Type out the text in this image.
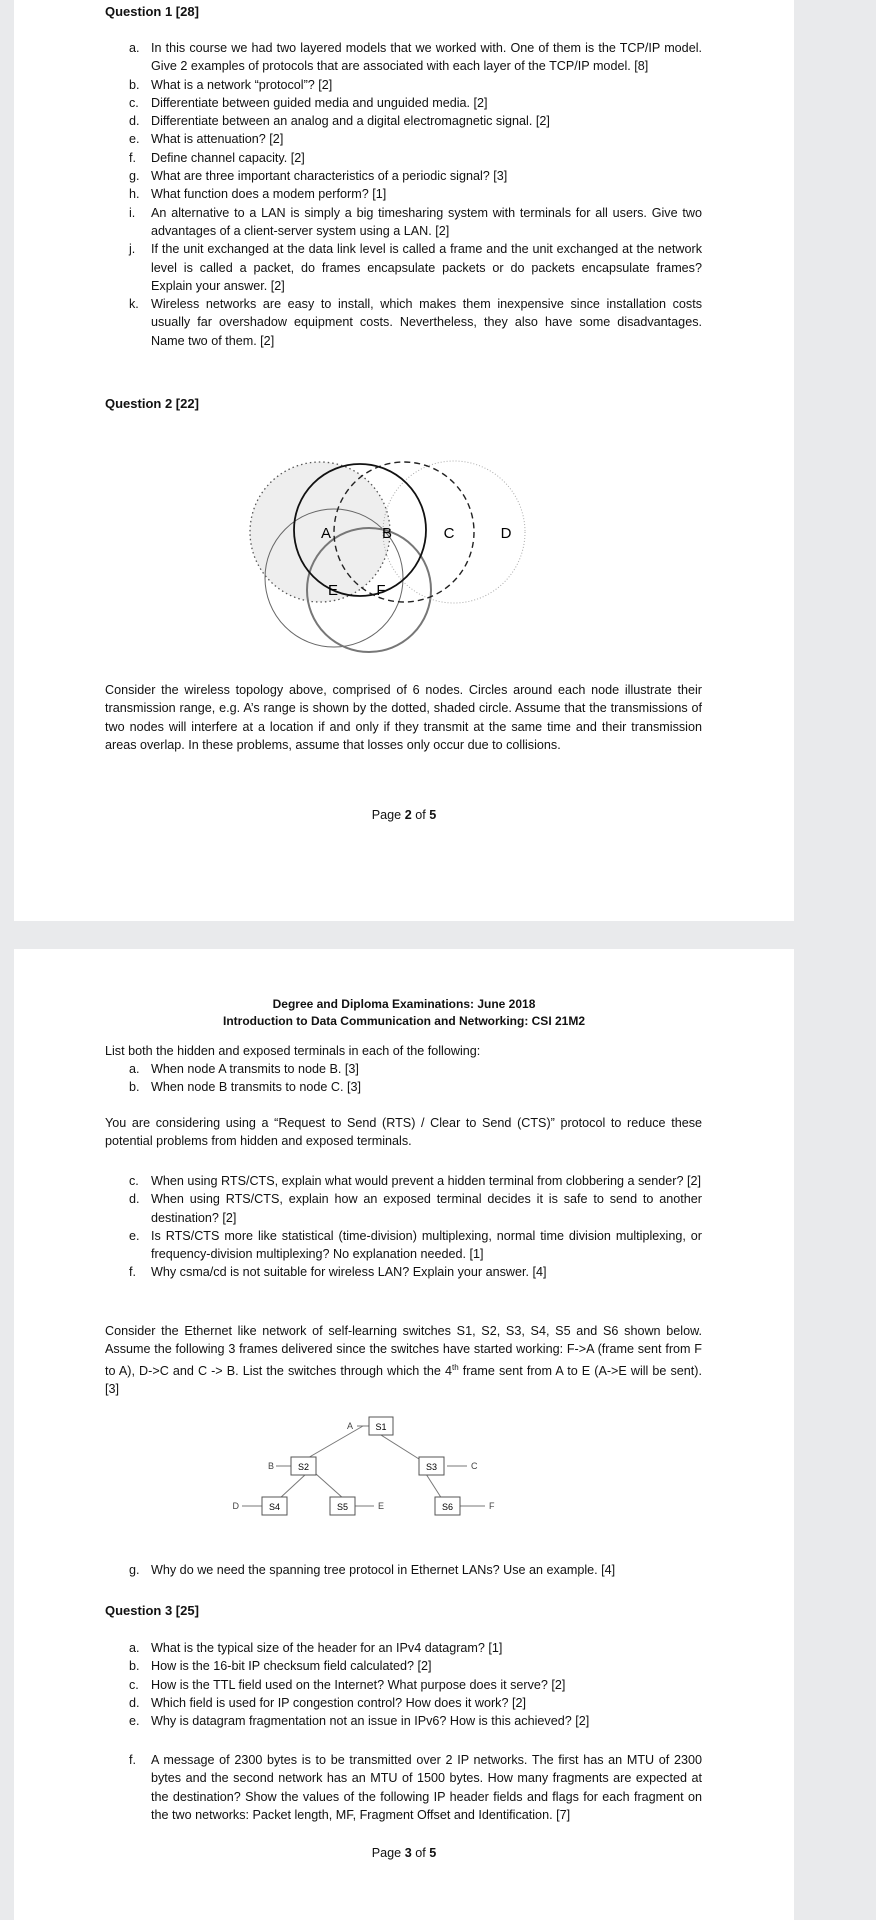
Question 1 [28]
a. In this course we had two layered models that we worked with. One of them is the TCP/IP model. Give 2 examples of protocols that are associated with each layer of the TCP/IP model. [8]
b. What is a network “protocol”? [2]
c. Differentiate between guided media and unguided media. [2]
d. Differentiate between an analog and a digital electromagnetic signal. [2]
e. What is attenuation? [2]
f. Define channel capacity. [2]
g. What are three important characteristics of a periodic signal? [3]
h. What function does a modem perform? [1]
i. An alternative to a LAN is simply a big timesharing system with terminals for all users. Give two advantages of a client-server system using a LAN. [2]
j. If the unit exchanged at the data link level is called a frame and the unit exchanged at the network level is called a packet, do frames encapsulate packets or do packets encapsulate frames? Explain your answer. [2]
k. Wireless networks are easy to install, which makes them inexpensive since installation costs usually far overshadow equipment costs. Nevertheless, they also have some disadvantages. Name two of them. [2]
Question 2 [22]
A	B	C	D
E	F
Consider the wireless topology above, comprised of 6 nodes. Circles around each node illustrate their transmission range, e.g. A’s range is shown by the dotted, shaded circle. Assume that the transmissions of two nodes will interfere at a location if and only if they transmit at the same time and their transmission areas overlap. In these problems, assume that losses only occur due to collisions.
Page 2 of 5
Degree and Diploma Examinations: June 2018
Introduction to Data Communication and Networking: CSI 21M2
List both the hidden and exposed terminals in each of the following:
a. When node A transmits to node B. [3]
b. When node B transmits to node C. [3]
You are considering using a “Request to Send (RTS) / Clear to Send (CTS)” protocol to reduce these potential problems from hidden and exposed terminals.
c. When using RTS/CTS, explain what would prevent a hidden terminal from clobbering a sender? [2]
d. When using RTS/CTS, explain how an exposed terminal decides it is safe to send to another destination? [2]
e. Is RTS/CTS more like statistical (time-division) multiplexing, normal time division multiplexing, or frequency-division multiplexing? No explanation needed. [1]
f. Why csma/cd is not suitable for wireless LAN? Explain your answer. [4]
Consider the Ethernet like network of self-learning switches S1, S2, S3, S4, S5 and S6 shown below. Assume the following 3 frames delivered since the switches have started working: F->A (frame sent from F to A), D->C and C -> B. List the switches through which the 4th frame sent from A to E (A->E will be sent). [3]
S1
S2	S3
S4	S5	S6
A
B	C
D	E	F
g. Why do we need the spanning tree protocol in Ethernet LANs? Use an example. [4]
Question 3 [25]
a. What is the typical size of the header for an IPv4 datagram? [1]
b. How is the 16-bit IP checksum field calculated? [2]
c. How is the TTL field used on the Internet? What purpose does it serve? [2]
d. Which field is used for IP congestion control? How does it work? [2]
e. Why is datagram fragmentation not an issue in IPv6? How is this achieved? [2]
f. A message of 2300 bytes is to be transmitted over 2 IP networks. The first has an MTU of 2300 bytes and the second network has an MTU of 1500 bytes. How many fragments are expected at the destination? Show the values of the following IP header fields and flags for each fragment on the two networks: Packet length, MF, Fragment Offset and Identification. [7]
Page 3 of 5
